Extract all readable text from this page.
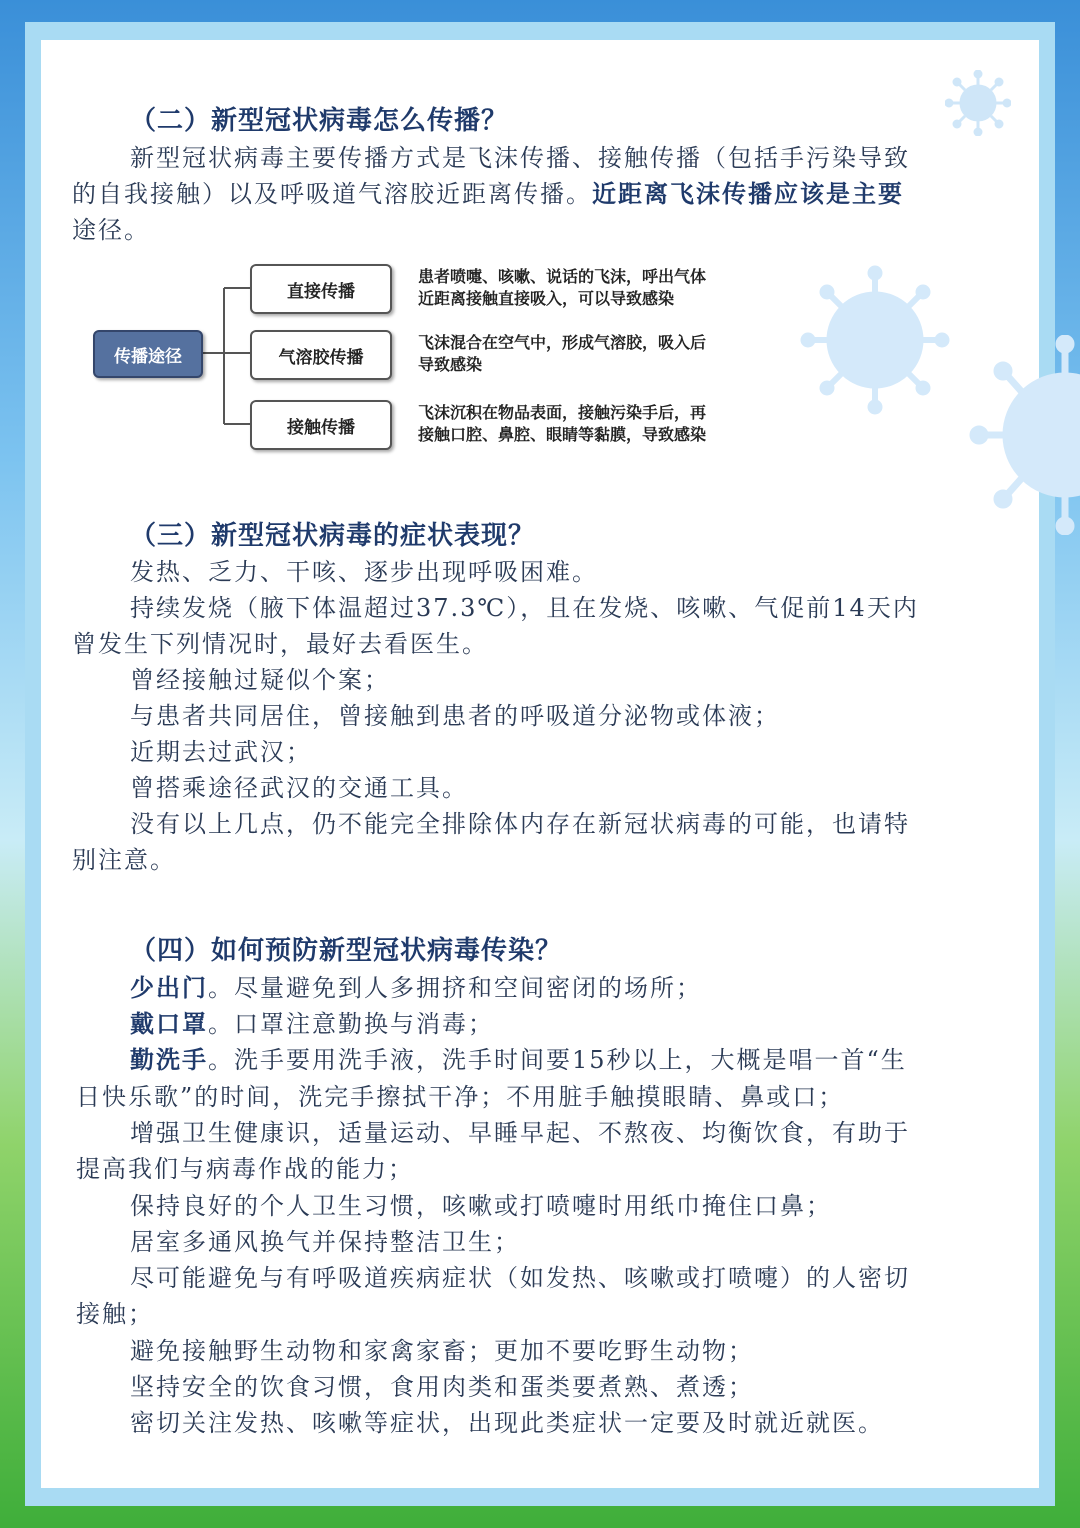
（二）新型冠状病毒怎么传播？
新型冠状病毒主要传播方式是飞沫传播、接触传播（包括手污染导致
的自我接触）以及呼吸道气溶胶近距离传播。近距离飞沫传播应该是主要
途径。
传播途径
直接传播
气溶胶传播
接触传播
患者喷嚏、咳嗽、说话的飞沫，呼出气体
近距离接触直接吸入，可以导致感染
飞沫混合在空气中，形成气溶胶，吸入后
导致感染
飞沫沉积在物品表面，接触污染手后，再
接触口腔、鼻腔、眼睛等黏膜，导致感染
（三）新型冠状病毒的症状表现？
发热、乏力、干咳、逐步出现呼吸困难。
持续发烧（腋下体温超过37.3℃），且在发烧、咳嗽、气促前14天内
曾发生下列情况时，最好去看医生。
曾经接触过疑似个案；
与患者共同居住，曾接触到患者的呼吸道分泌物或体液；
近期去过武汉；
曾搭乘途径武汉的交通工具。
没有以上几点，仍不能完全排除体内存在新冠状病毒的可能，也请特
别注意。
（四）如何预防新型冠状病毒传染？
少出门。尽量避免到人多拥挤和空间密闭的场所；
戴口罩。口罩注意勤换与消毒；
勤洗手。洗手要用洗手液，洗手时间要15秒以上，大概是唱一首“生
日快乐歌”的时间，洗完手擦拭干净；不用脏手触摸眼睛、鼻或口；
增强卫生健康识，适量运动、早睡早起、不熬夜、均衡饮食，有助于
提高我们与病毒作战的能力；
保持良好的个人卫生习惯，咳嗽或打喷嚏时用纸巾掩住口鼻；
居室多通风换气并保持整洁卫生；
尽可能避免与有呼吸道疾病症状（如发热、咳嗽或打喷嚏）的人密切
接触；
避免接触野生动物和家禽家畜；更加不要吃野生动物；
坚持安全的饮食习惯，食用肉类和蛋类要煮熟、煮透；
密切关注发热、咳嗽等症状，出现此类症状一定要及时就近就医。
